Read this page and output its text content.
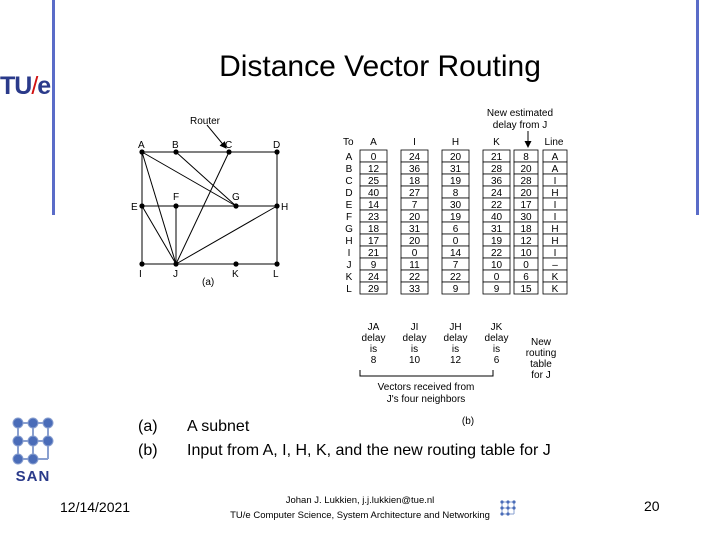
TU/e
Distance Vector Routing
Router
A	B	C	D
E
F	G
H
I	J	K	L
(a)
New estimated
delay from J
Line
To A	I	H	K
A 0	24	20	21 8 A
B 12	36	31	28 20 A
C 25	18	19	36 28 I
D 40	27	8	24 20 H
E 14	7	30	22 17 I
F 23	20	19	40 30 I
G 18	31	6	31 18 H
H 17	20	0	19 12 H
I 21	0	14	22 10 I
J 9	11	7	10 0 –
K 24	22	22	0 6 K
L 29	33	9	9 15 K
JA
delay
is
8
JI
delay
is
10
JH
delay
is
12
JK
delay
is
6
New
routing
table
for J
Vectors received from
J's four neighbors
(b)
SAN
(a) A subnet
(b) Input from A, I, H, K, and the new routing table for J
12/14/2021	Johan J. Lukkien, j.j.lukkien@tue.nl
TU/e Computer Science, System Architecture and Networking
20
